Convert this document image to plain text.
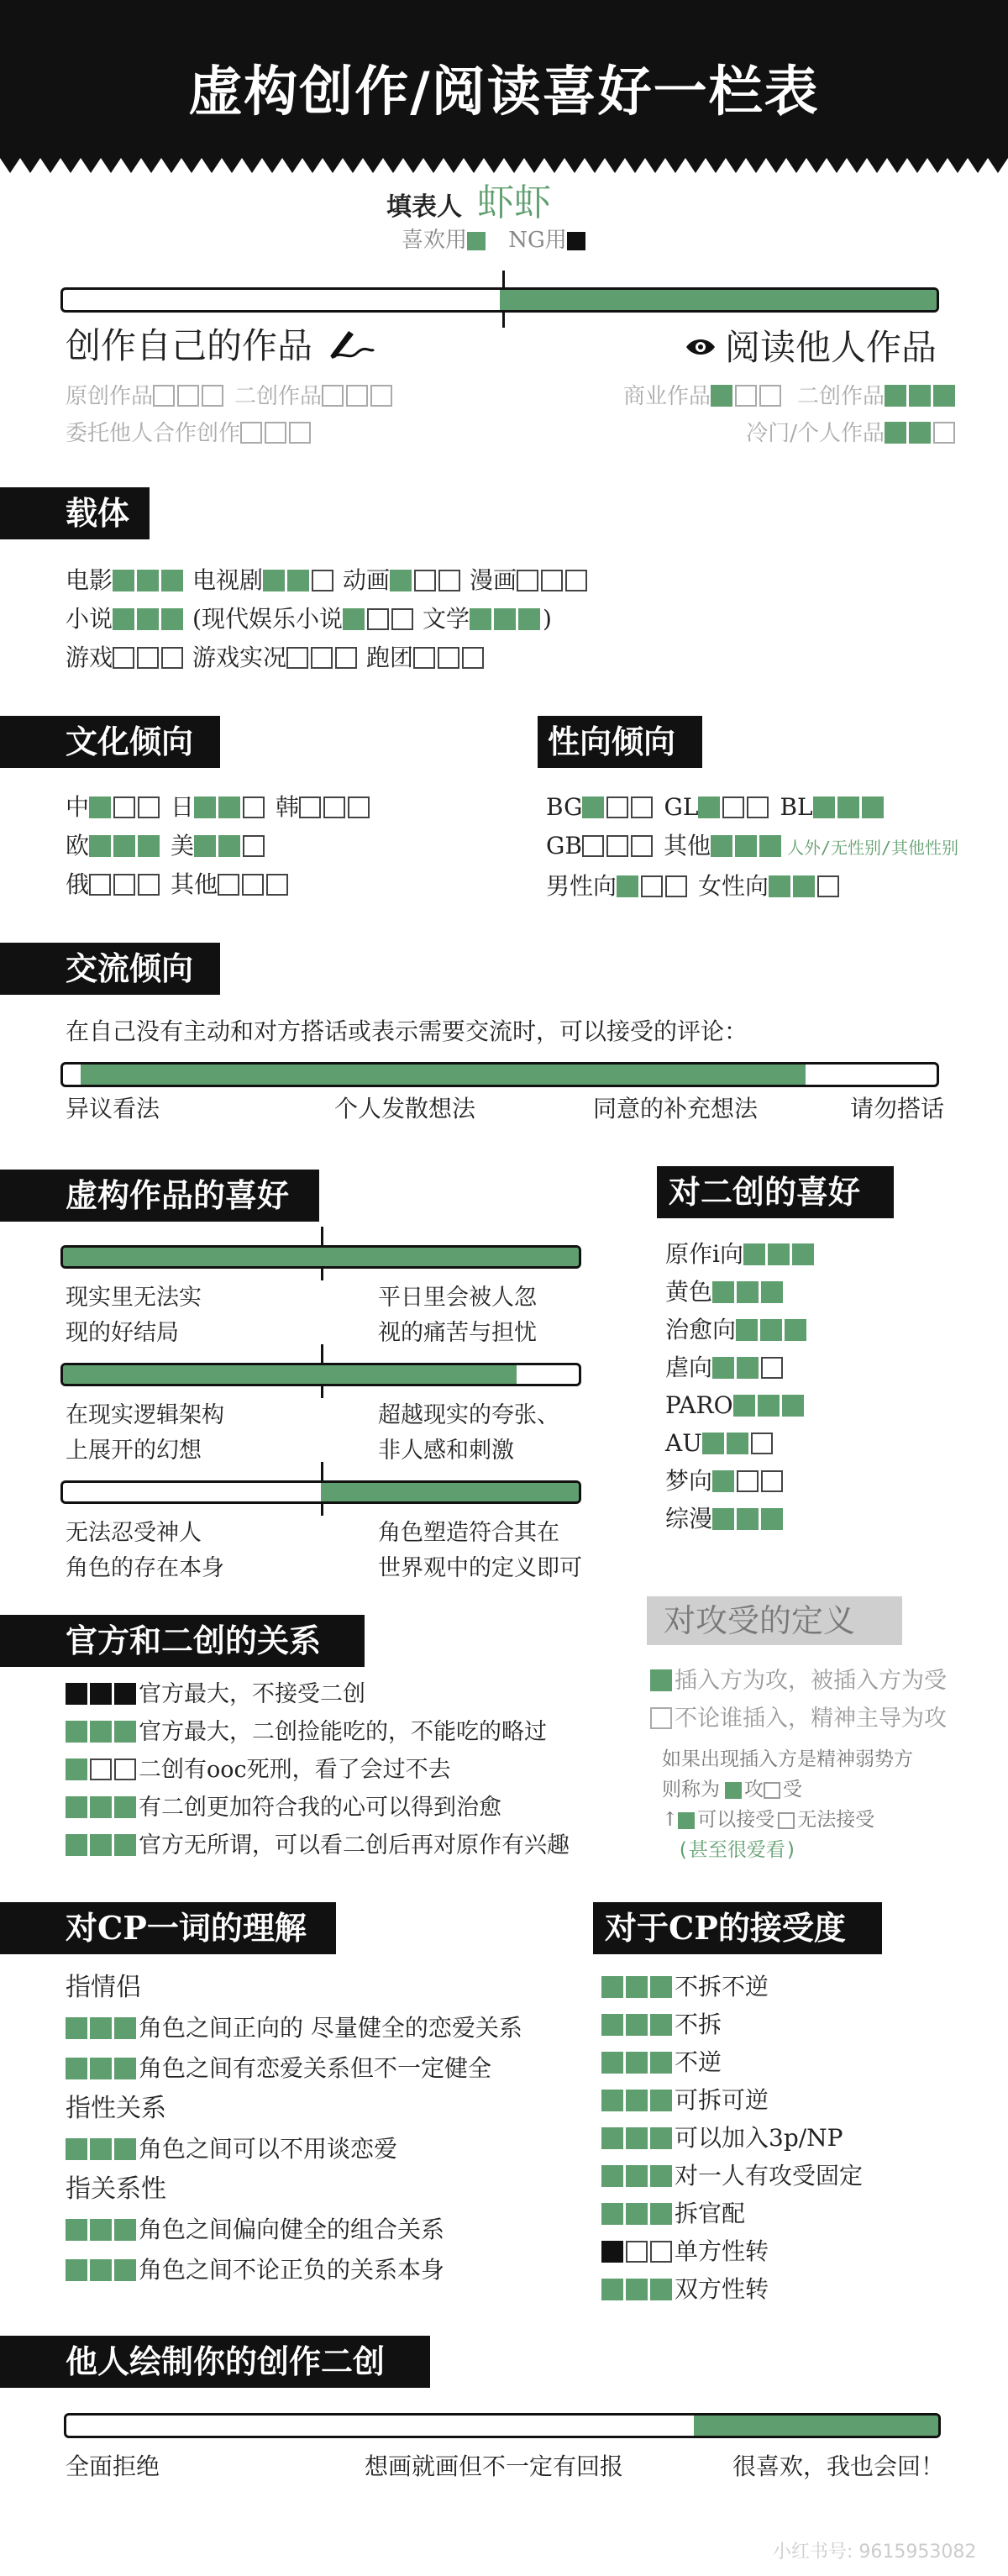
虚构创作/阅读喜好一栏表
填表人 虾虾
喜欢用 NG用
创作自己的作品	阅读他人作品
原创作品	二创作品
委托他人合作创作
商业作品	二创作品
冷门/个人作品
载体
电影	电视剧	动画	漫画
小说	(现代娱乐小说	文学	)
游戏	游戏实况	跑团
文化倾向
中	日	韩
欧	美
俄	其他
性向倾向
BG	GL	BL
GB	其他	人外/无性别/其他性别
男性向	女性向
交流倾向
在自己没有主动和对方搭话或表示需要交流时，可以接受的评论：
异议看法	个人发散想法	同意的补充想法	请勿搭话
虚构作品的喜好
现实里无法实
现的好结局
平日里会被人忽
视的痛苦与担忧
在现实逻辑架构
上展开的幻想
超越现实的夸张、
非人感和刺激
无法忍受神人
角色的存在本身
角色塑造符合其在
世界观中的定义即可
对二创的喜好
原作i向
黄色
治愈向
虐向
PARO
AU
梦向
综漫
官方和二创的关系
官方最大，不接受二创
官方最大，二创捡能吃的，不能吃的略过
二创有ooc死刑，看了会过不去
有二创更加符合我的心可以得到治愈
官方无所谓，可以看二创后再对原作有兴趣
对攻受的定义
插入方为攻，被插入方为受
不论谁插入，精神主导为攻
如果出现插入方是精神弱势方
则称为 攻 受
↑ 可以接受 无法接受
(甚至很爱看)
对CP一词的理解
指情侣
角色之间正向的 尽量健全的恋爱关系
角色之间有恋爱关系但不一定健全
指性关系
角色之间可以不用谈恋爱
指关系性
角色之间偏向健全的组合关系
角色之间不论正负的关系本身
对于CP的接受度
不拆不逆
不拆
不逆
可拆可逆
可以加入3p/NP
对一人有攻受固定
拆官配
单方性转
双方性转
他人绘制你的创作二创
全面拒绝	想画就画但不一定有回报	很喜欢，我也会回！
小红书号: 9615953082
